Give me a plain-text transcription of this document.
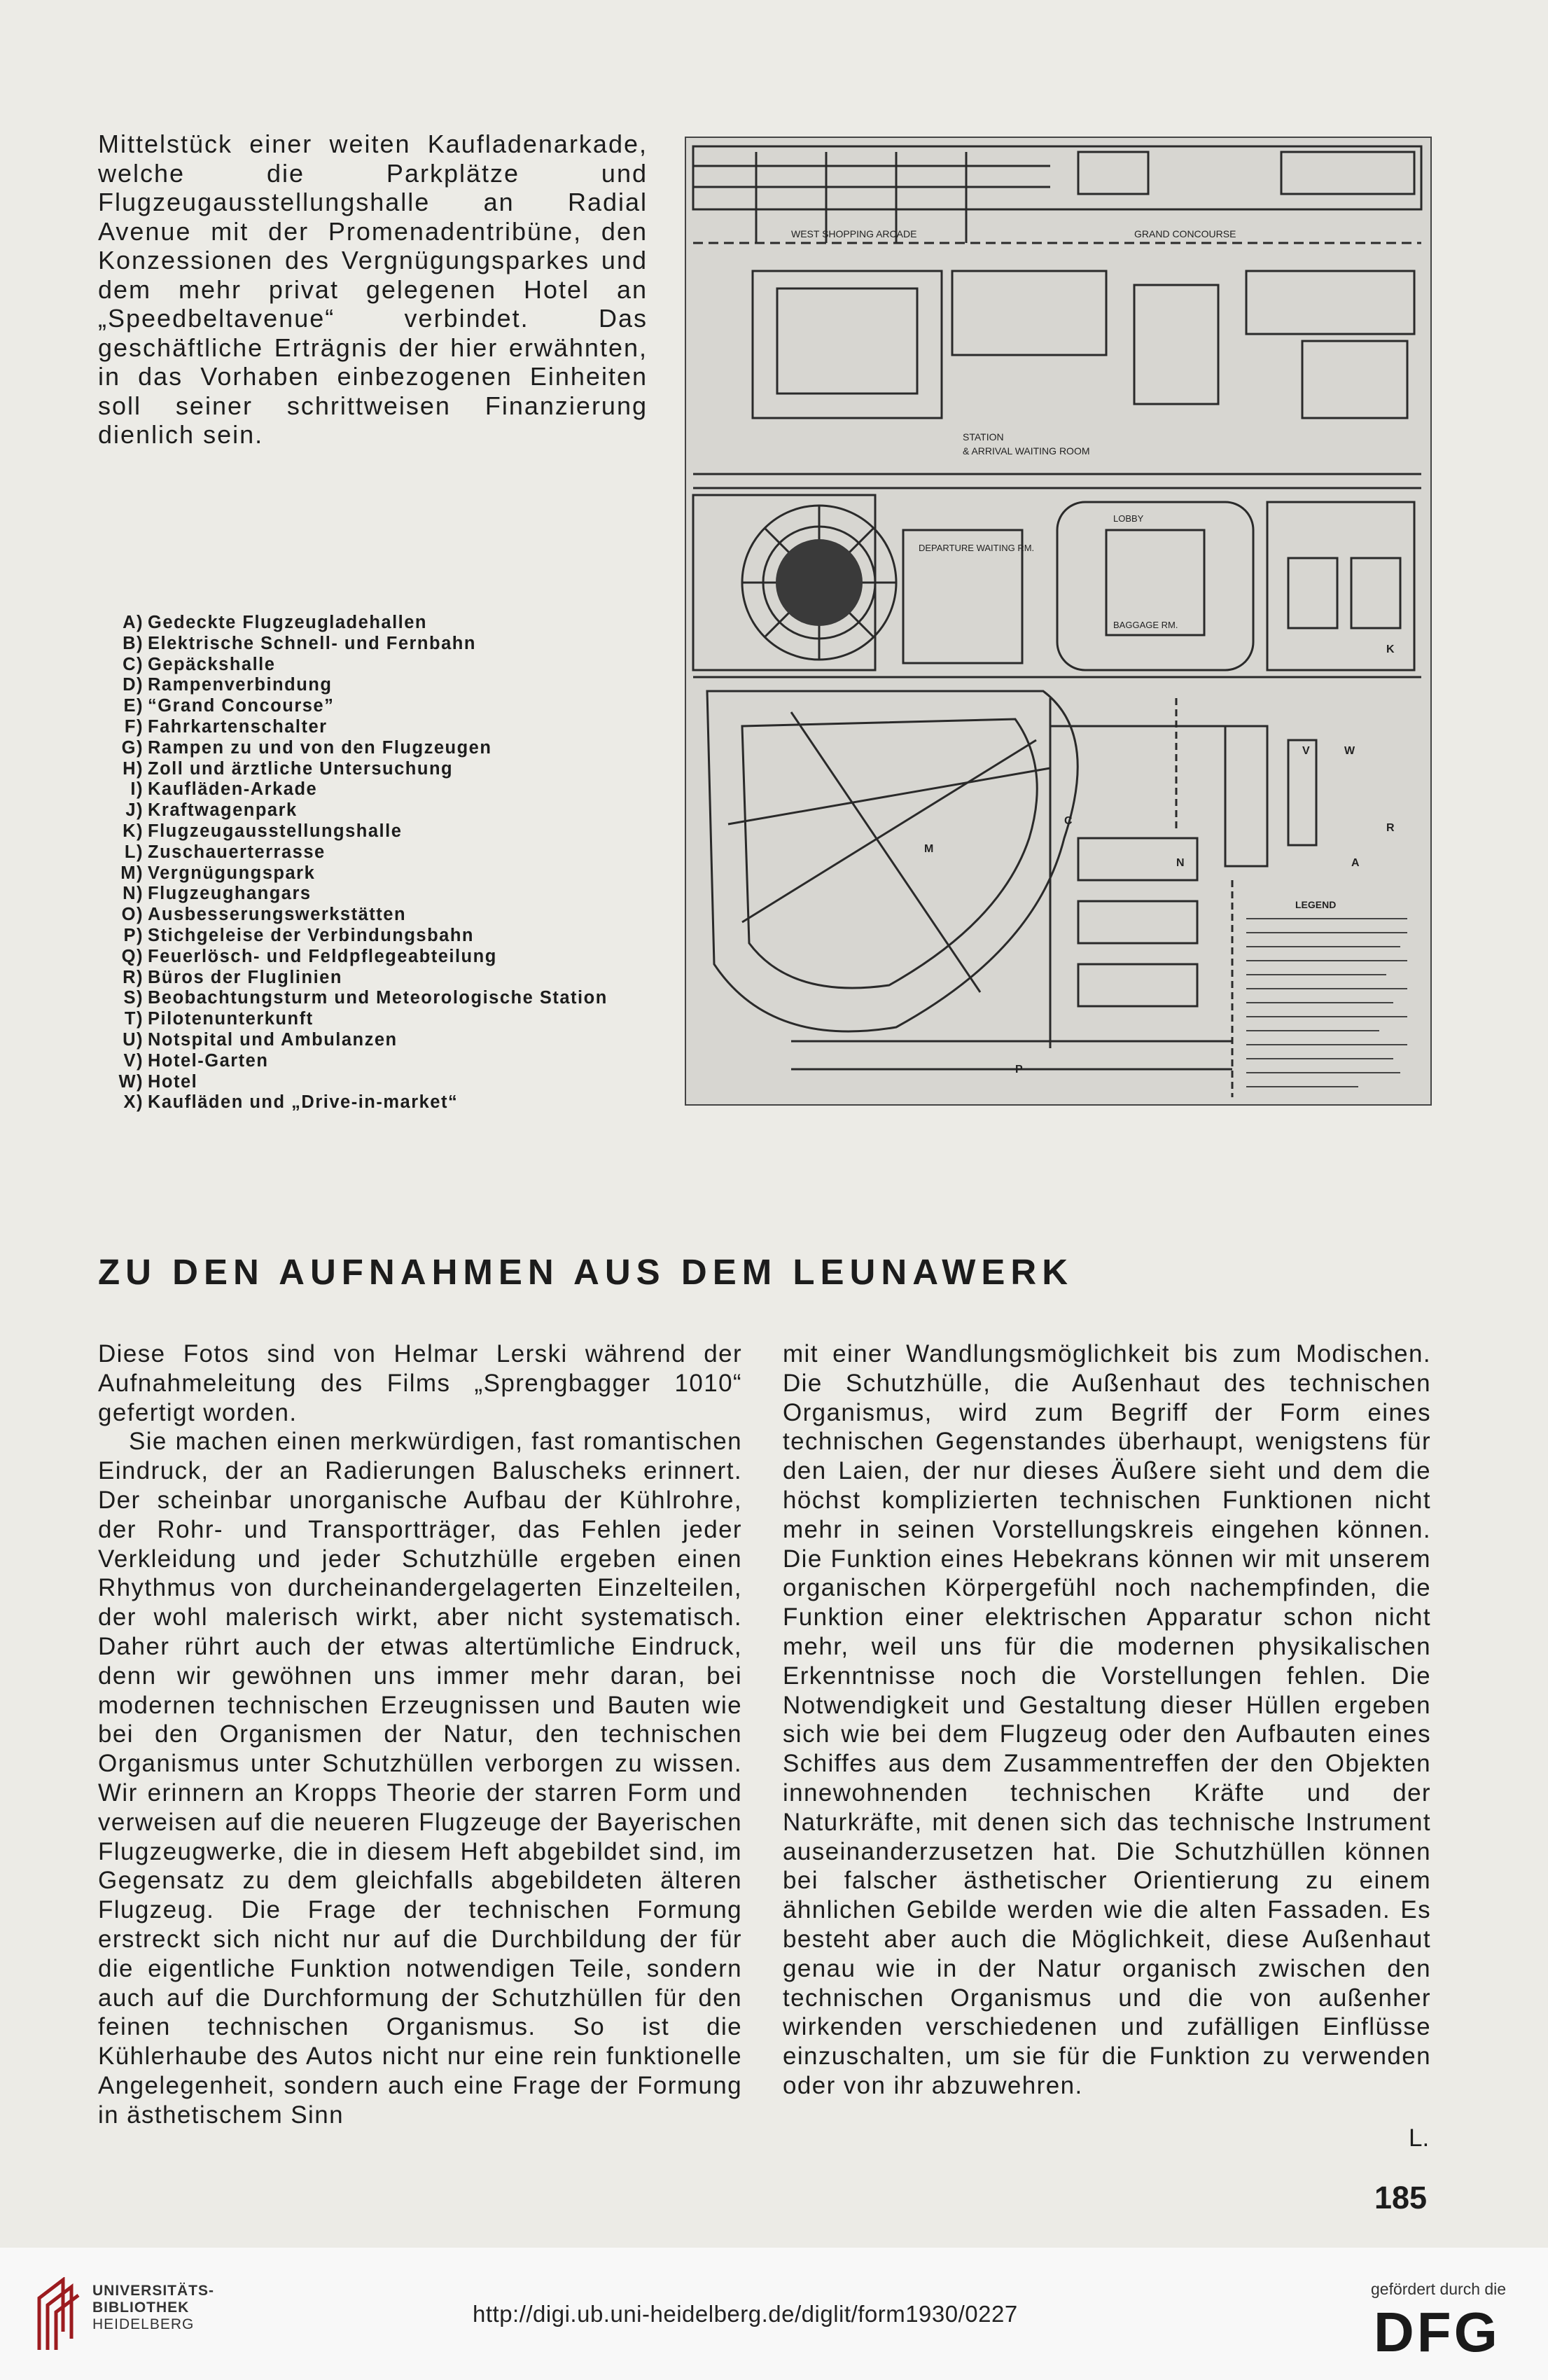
Mittelstück einer weiten Kaufladenarkade, welche die Parkplätze und Flugzeugausstellungshalle an Radial Avenue mit der Promenadentribüne, den Konzessionen des Vergnügungsparkes und dem mehr privat gelegenen Hotel an „Speedbeltavenue“ verbindet. Das geschäftliche Erträgnis der hier erwähnten, in das Vorhaben einbezogenen Einheiten soll seiner schrittweisen Finanzierung dienlich sein.

A) Gedeckte Flugzeugladehallen
B) Elektrische Schnell- und Fernbahn
C) Gepäckshalle
D) Rampenverbindung
E) “Grand Concourse”
F) Fahrkartenschalter
G) Rampen zu und von den Flugzeugen
H) Zoll und ärztliche Untersuchung
I) Kaufläden-Arkade
J) Kraftwagenpark
K) Flugzeugausstellungshalle
L) Zuschauerterrasse
M) Vergnügungspark
N) Flugzeughangars
O) Ausbesserungswerkstätten
P) Stichgeleise der Verbindungsbahn
Q) Feuerlösch- und Feldpflegeabteilung
R) Büros der Fluglinien
S) Beobachtungsturm und Meteorologische Station
T) Pilotenunterkunft
U) Notspital und Ambulanzen
V) Hotel-Garten
W) Hotel
X) Kaufläden und „Drive-in-market“
WEST SHOPPING ARCADE	GRAND CONCOURSE
STATION
& ARRIVAL WAITING ROOM
DEPARTURE WAITING RM.
LOBBY
BAGGAGE RM.
LEGEND
K
M
N
P
R
V	W
C
A
ZU DEN AUFNAHMEN AUS DEM LEUNAWERK

Diese Fotos sind von Helmar Lerski während der Aufnahmeleitung des Films „Sprengbagger 1010“ gefertigt worden.

Sie machen einen merkwürdigen, fast romantischen Eindruck, der an Radierungen Baluscheks erinnert. Der scheinbar unorganische Aufbau der Kühlrohre, der Rohr- und Transportträger, das Fehlen jeder Verkleidung und jeder Schutzhülle ergeben einen Rhythmus von durcheinandergelagerten Einzelteilen, der wohl malerisch wirkt, aber nicht systematisch. Daher rührt auch der etwas altertümliche Eindruck, denn wir gewöhnen uns immer mehr daran, bei modernen technischen Erzeugnissen und Bauten wie bei den Organismen der Natur, den technischen Organismus unter Schutzhüllen verborgen zu wissen. Wir erinnern an Kropps Theorie der starren Form und verweisen auf die neueren Flugzeuge der Bayerischen Flugzeugwerke, die in diesem Heft abgebildet sind, im Gegensatz zu dem gleichfalls abgebildeten älteren Flugzeug. Die Frage der technischen Formung erstreckt sich nicht nur auf die Durchbildung der für die eigentliche Funktion notwendigen Teile, sondern auch auf die Durchformung der Schutzhüllen für den feinen technischen Organismus. So ist die Kühlerhaube des Autos nicht nur eine rein funktionelle Angelegenheit, sondern auch eine Frage der Formung in ästhetischem Sinn

mit einer Wandlungsmöglichkeit bis zum Modischen. Die Schutzhülle, die Außenhaut des technischen Organismus, wird zum Begriff der Form eines technischen Gegenstandes überhaupt, wenigstens für den Laien, der nur dieses Äußere sieht und dem die höchst komplizierten technischen Funktionen nicht mehr in seinen Vorstellungskreis eingehen können. Die Funktion eines Hebekrans können wir mit unserem organischen Körpergefühl noch nachempfinden, die Funktion einer elektrischen Apparatur schon nicht mehr, weil uns für die modernen physikalischen Erkenntnisse noch die Vorstellungen fehlen. Die Notwendigkeit und Gestaltung dieser Hüllen ergeben sich wie bei dem Flugzeug oder den Aufbauten eines Schiffes aus dem Zusammentreffen der den Objekten innewohnenden technischen Kräfte und der Naturkräfte, mit denen sich das technische Instrument auseinanderzusetzen hat. Die Schutzhüllen können bei falscher ästhetischer Orientierung zu einem ähnlichen Gebilde werden wie die alten Fassaden. Es besteht aber auch die Möglichkeit, diese Außenhaut genau wie in der Natur organisch zwischen den technischen Organismus und die von außenher wirkenden verschiedenen und zufälligen Einflüsse einzuschalten, um sie für die Funktion zu verwenden oder von ihr abzuwehren.

L.

185

UNIVERSITÄTS-
BIBLIOTHEK
HEIDELBERG	http://digi.ub.uni-heidelberg.de/diglit/form1930/0227
gefördert durch die
DFG
